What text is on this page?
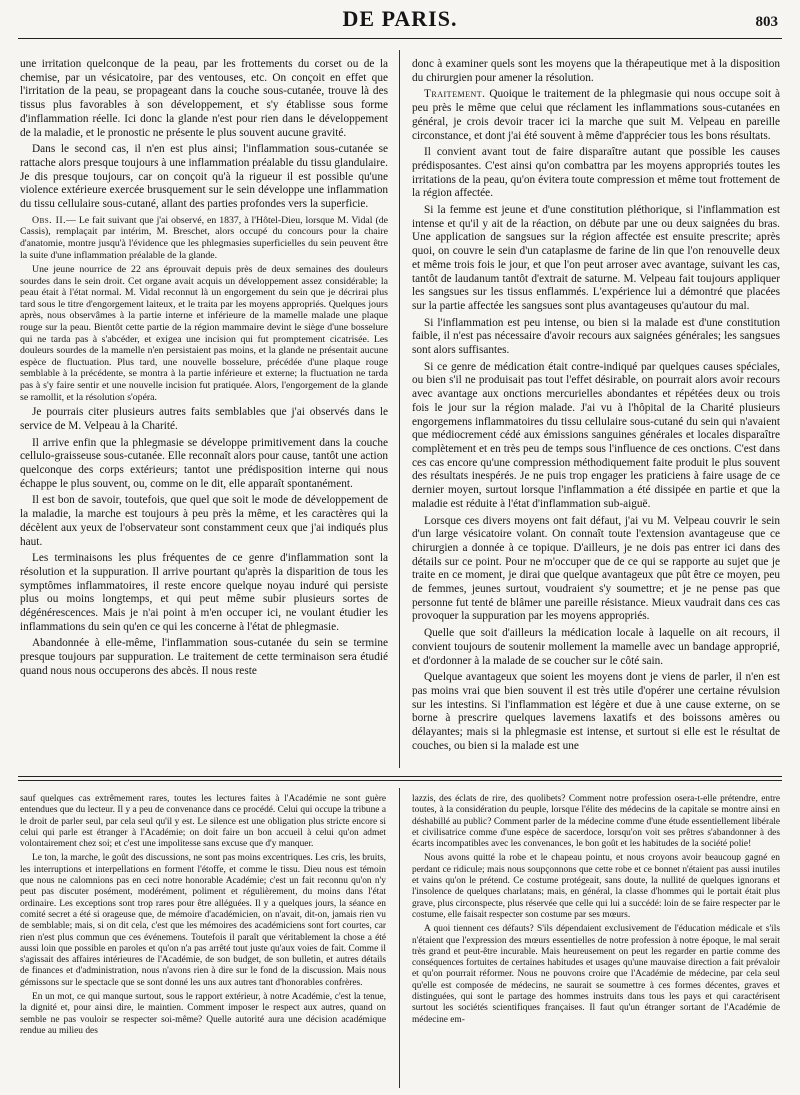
DE PARIS.	803

une irritation quelconque de la peau, par les frottements du corset ou de la chemise, par un vésicatoire, par des ventouses, etc. On conçoit en effet que l'irritation de la peau, se propageant dans la couche sous-cutanée, trouve là des tissus plus favorables à son développement, et s'y établisse sous forme d'inflammation réelle. Ici donc la glande n'est pour rien dans le développement de la maladie, et le pronostic ne présente le plus souvent aucune gravité.

Dans le second cas, il n'en est plus ainsi; l'inflammation sous-cutanée se rattache alors presque toujours à une inflammation préalable du tissu glandulaire. Je dis presque toujours, car on conçoit qu'à la rigueur il est possible qu'une violence extérieure exercée brusquement sur le sein développe une inflammation du tissu cellulaire sous-cutané, allant des parties profondes vers la superficie.

Obs. II.— Le fait suivant que j'ai observé, en 1837, à l'Hôtel-Dieu, lorsque M. Vidal (de Cassis), remplaçait par intérim, M. Breschet, alors occupé du concours pour la chaire d'anatomie, montre jusqu'à l'évidence que les phlegmasies superficielles du sein peuvent être la suite d'une inflammation préalable de la glande.

Une jeune nourrice de 22 ans éprouvait depuis près de deux semaines des douleurs sourdes dans le sein droit. Cet organe avait acquis un développement assez considérable; la peau était à l'état normal. M. Vidal reconnut là un engorgement du sein que je décrirai plus tard sous le titre d'engorgement laiteux, et le traita par les moyens appropriés. Quelques jours après, nous observâmes à la partie interne et inférieure de la mamelle malade une plaque rouge sur la peau. Bientôt cette partie de la région mammaire devint le siège d'une bosselure qui ne tarda pas à s'abcéder, et exigea une incision qui fut promptement cicatrisée. Les douleurs sourdes de la mamelle n'en persistaient pas moins, et la glande ne présentait aucune espèce de fluctuation. Plus tard, une nouvelle bosselure, précédée d'une plaque rouge semblable à la précédente, se montra à la partie inférieure et externe; la fluctuation ne tarda pas à s'y faire sentir et une nouvelle incision fut pratiquée. Alors, l'engorgement de la glande se ramollit, et la résolution s'opéra.

Je pourrais citer plusieurs autres faits semblables que j'ai observés dans le service de M. Velpeau à la Charité.

Il arrive enfin que la phlegmasie se développe primitivement dans la couche cellulo-graisseuse sous-cutanée. Elle reconnaît alors pour cause, tantôt une action quelconque des corps extérieurs; tantot une prédisposition interne qui nous échappe le plus souvent, ou, comme on le dit, elle apparaît spontanément.

Il est bon de savoir, toutefois, que quel que soit le mode de développement de la maladie, la marche est toujours à peu près la même, et les caractères qui la décèlent aux yeux de l'observateur sont constamment ceux que j'ai indiqués plus haut.

Les terminaisons les plus fréquentes de ce genre d'inflammation sont la résolution et la suppuration. Il arrive pourtant qu'après la disparition de tous les symptômes inflammatoires, il reste encore quelque noyau induré qui persiste plus ou moins longtemps, et qui peut même subir plusieurs sortes de dégénérescences. Mais je n'ai point à m'en occuper ici, ne voulant étudier les inflammations du sein qu'en ce qui les concerne à l'état de phlegmasie.

Abandonnée à elle-même, l'inflammation sous-cutanée du sein se termine presque toujours par suppuration. Le traitement de cette terminaison sera étudié quand nous nous occuperons des abcès. Il nous reste

donc à examiner quels sont les moyens que la thérapeutique met à la disposition du chirurgien pour amener la résolution.

Traitement. Quoique le traitement de la phlegmasie qui nous occupe soit à peu près le même que celui que réclament les inflammations sous-cutanées en général, je crois devoir tracer ici la marche que suit M. Velpeau en pareille circonstance, et dont j'ai été souvent à même d'apprécier tous les bons résultats.

Il convient avant tout de faire disparaître autant que possible les causes prédisposantes. C'est ainsi qu'on combattra par les moyens appropriés toutes les irritations de la peau, qu'on évitera toute compression et même tout frottement de la région affectée.

Si la femme est jeune et d'une constitution pléthorique, si l'inflammation est intense et qu'il y ait de la réaction, on débute par une ou deux saignées du bras. Une application de sangsues sur la région affectée est ensuite prescrite; après quoi, on couvre le sein d'un cataplasme de farine de lin que l'on renouvelle deux et même trois fois le jour, et que l'on peut arroser avec avantage, suivant les cas, tantôt de laudanum tantôt d'extrait de saturne. M. Velpeau fait toujours appliquer les sangsues sur les tissus enflammés. L'expérience lui a démontré que placées sur la partie affectée les sangsues sont plus avantageuses qu'autour du mal.

Si l'inflammation est peu intense, ou bien si la malade est d'une constitution faible, il n'est pas nécessaire d'avoir recours aux saignées générales; les sangsues sont alors suffisantes.

Si ce genre de médication était contre-indiqué par quelques causes spéciales, ou bien s'il ne produisait pas tout l'effet désirable, on pourrait alors avoir recours avec avantage aux onctions mercurielles abondantes et répétées deux ou trois fois le jour sur la région malade. J'ai vu à l'hôpital de la Charité plusieurs engorgemens inflammatoires du tissu cellulaire sous-cutané du sein qui n'avaient que médiocrement cédé aux émissions sanguines générales et locales disparaître complètement et en très peu de temps sous l'influence de ces onctions. C'est dans ces cas encore qu'une compression méthodiquement faite produit le plus souvent des résultats inespérés. Je ne puis trop engager les praticiens à faire usage de ce dernier moyen, surtout lorsque l'inflammation a été dissipée en partie et que la maladie est réduite à l'état d'inflammation sub-aiguë.

Lorsque ces divers moyens ont fait défaut, j'ai vu M. Velpeau couvrir le sein d'un large vésicatoire volant. On connaît toute l'extension avantageuse que ce chirurgien a donnée à ce topique. D'ailleurs, je ne dois pas entrer ici dans des détails sur ce point. Pour ne m'occuper que de ce qui se rapporte au sujet que je traite en ce moment, je dirai que quelque avantageux que pût être ce moyen, peu de femmes, jeunes surtout, voudraient s'y soumettre; et je ne pense pas que personne fut tenté de blâmer une pareille résistance. Mieux vaudrait dans ces cas provoquer la suppuration par les moyens appropriés.

Quelle que soit d'ailleurs la médication locale à laquelle on ait recours, il convient toujours de soutenir mollement la mamelle avec un bandage approprié, et d'ordonner à la malade de se coucher sur le côté sain.

Quelque avantageux que soient les moyens dont je viens de parler, il n'en est pas moins vrai que bien souvent il est très utile d'opérer une certaine révulsion sur les intestins. Si l'inflammation est légère et due à une cause externe, on se borne à prescrire quelques lavemens laxatifs et des boissons amères ou délayantes; mais si la phlegmasie est intense, et surtout si elle est le résultat de couches, ou bien si la malade est une

sauf quelques cas extrêmement rares, toutes les lectures faites à l'Académie ne sont guère entendues que du lecteur. Il y a peu de convenance dans ce procédé. Celui qui occupe la tribune a le droit de parler seul, par cela seul qu'il y est. Le silence est une obligation plus stricte encore si celui qui parle est étranger à l'Académie; on doit faire un bon accueil à celui qu'on admet volontairement chez soi; et c'est une impolitesse sans excuse que d'y manquer.

Le ton, la marche, le goût des discussions, ne sont pas moins excentriques. Les cris, les bruits, les interruptions et interpellations en forment l'étoffe, et comme le tissu. Dieu nous est témoin que nous ne calomnions pas en ceci notre honorable Académie; c'est un fait reconnu qu'on n'y peut pas discuter posément, modérément, poliment et régulièrement, du moins dans l'état ordinaire. Les exceptions sont trop rares pour être alléguées. Il y a quelques jours, la séance en comité secret a été si orageuse que, de mémoire d'académicien, on n'avait, dit-on, jamais rien vu de semblable; mais, si on dit cela, c'est que les mémoires des académiciens sont fort courtes, car rien n'est plus commun que ces événemens. Toutefois il paraît que véritablement la chose a été aussi loin que possible en paroles et qu'on n'a pas arrêté tout juste qu'aux voies de fait. Comme il s'agissait des affaires intérieures de l'Académie, de son budget, de son bulletin, et autres détails de finances et d'administration, nous n'avons rien à dire sur le fond de la discussion. Mais nous gémissons sur le spectacle que se sont donné les uns aux autres tant d'honorables confrères.

En un mot, ce qui manque surtout, sous le rapport extérieur, à notre Académie, c'est la tenue, la dignité et, pour ainsi dire, le maintien. Comment imposer le respect aux autres, quand on semble ne pas vouloir se respecter soi-même? Quelle autorité aura une décision académique rendue au milieu des

lazzis, des éclats de rire, des quolibets? Comment notre profession osera-t-elle prétendre, entre toutes, à la considération du peuple, lorsque l'élite des médecins de la capitale se montre ainsi en déshabillé au public? Comment parler de la médecine comme d'une étude essentiellement libérale et civilisatrice comme d'une espèce de sacerdoce, lorsqu'on voit ses prêtres s'abandonner à des écarts incompatibles avec les convenances, le bon goût et les habitudes de la société polie!

Nous avons quitté la robe et le chapeau pointu, et nous croyons avoir beaucoup gagné en perdant ce ridicule; mais nous soupçonnons que cette robe et ce bonnet n'étaient pas aussi inutiles et vains qu'on le prétend. Ce costume protégeait, sans doute, la nullité de quelques ignorans et l'insolence de quelques charlatans; mais, en général, la classe d'hommes qui le portait était plus grave, plus circonspecte, plus réservée que celle qui lui a succédé: loin de se faire respecter par le costume, elle faisait respecter son costume par ses mœurs.

A quoi tiennent ces défauts? S'ils dépendaient exclusivement de l'éducation médicale et s'ils n'étaient que l'expression des mœurs essentielles de notre profession à notre époque, le mal serait très grand et peut-être incurable. Mais heureusement on peut les regarder en partie comme des conséquences fortuites de certaines habitudes et usages qu'une mauvaise direction a fait prévaloir et qu'on pourrait réformer. Nous ne pouvons croire que l'Académie de médecine, par cela seul qu'elle est composée de médecins, ne saurait se soumettre à ces formes décentes, graves et distinguées, qui sont le partage des hommes instruits dans tous les pays et qui caractérisent surtout les sociétés scientifiques françaises. Il faut qu'un étranger sortant de l'Académie de médecine em-
